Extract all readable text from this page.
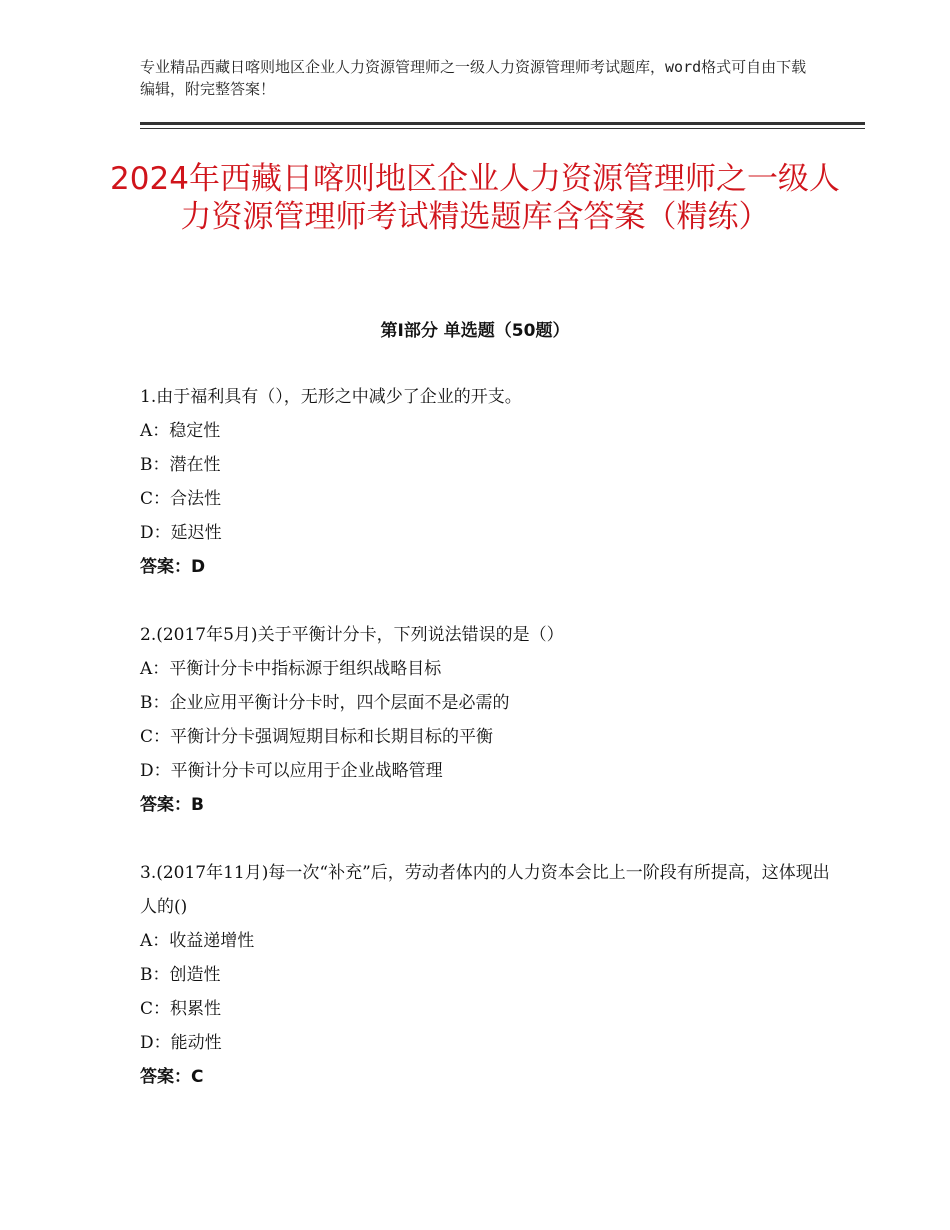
专业精品西藏日喀则地区企业人力资源管理师之一级人力资源管理师考试题库，word格式可自由下载编辑，附完整答案！
2024年西藏日喀则地区企业人力资源管理师之一级人力资源管理师考试精选题库含答案（精练）
第Ⅰ部分 单选题（50题）

1.由于福利具有（），无形之中减少了企业的开支。

A：稳定性

B：潜在性

C：合法性

D：延迟性

答案：D

2.(2017年5月)关于平衡计分卡，下列说法错误的是（）

A：平衡计分卡中指标源于组织战略目标

B：企业应用平衡计分卡时，四个层面不是必需的

C：平衡计分卡强调短期目标和长期目标的平衡

D：平衡计分卡可以应用于企业战略管理

答案：B

3.(2017年11月)每一次“补充”后，劳动者体内的人力资本会比上一阶段有所提高，这体现出人的()

A：收益递增性

B：创造性

C：积累性

D：能动性

答案：C
